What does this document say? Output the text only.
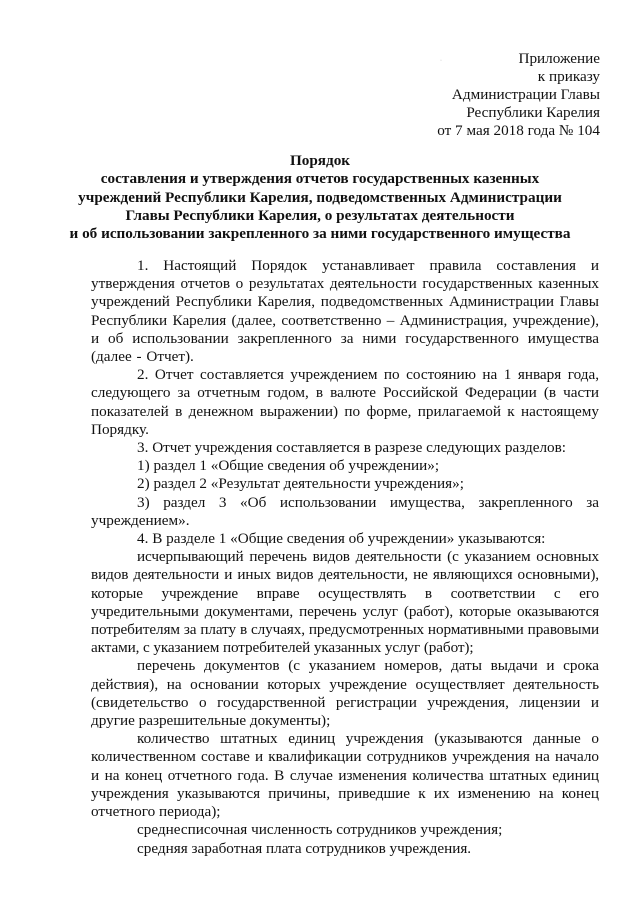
·	Приложение
к приказу
Администрации Главы
Республики Карелия
от 7 мая 2018 года № 104
Порядок
составления и утверждения отчетов государственных казенных
учреждений Республики Карелия, подведомственных Администрации
Главы Республики Карелия, о результатах деятельности
и об использовании закрепленного за ними государственного имущества

1. Настоящий Порядок устанавливает правила составления и утверждения отчетов о результатах деятельности государственных казенных учреждений Республики Карелия, подведомственных Администрации Главы Республики Карелия (далее, соответственно – Администрация, учреждение), и об использовании закрепленного за ними государственного имущества (далее - Отчет).

2. Отчет составляется учреждением по состоянию на 1 января года, следующего за отчетным годом, в валюте Российской Федерации (в части показателей в денежном выражении) по форме, прилагаемой к настоящему Порядку.

3. Отчет учреждения составляется в разрезе следующих разделов:

1) раздел 1 «Общие сведения об учреждении»;

2) раздел 2 «Результат деятельности учреждения»;

3) раздел 3 «Об использовании имущества, закрепленного за учреждением».

4. В разделе 1 «Общие сведения об учреждении» указываются:

исчерпывающий перечень видов деятельности (с указанием основных видов деятельности и иных видов деятельности, не являющихся основными), которые учреждение вправе осуществлять в соответствии с его учредительными документами, перечень услуг (работ), которые оказываются потребителям за плату в случаях, предусмотренных нормативными правовыми актами, с указанием потребителей указанных услуг (работ);

перечень документов (с указанием номеров, даты выдачи и срока действия), на основании которых учреждение осуществляет деятельность (свидетельство о государственной регистрации учреждения, лицензии и другие разрешительные документы);

количество штатных единиц учреждения (указываются данные о количественном составе и квалификации сотрудников учреждения на начало и на конец отчетного года. В случае изменения количества штатных единиц учреждения указываются причины, приведшие к их изменению на конец отчетного периода);

среднесписочная численность сотрудников учреждения;

средняя заработная плата сотрудников учреждения.
